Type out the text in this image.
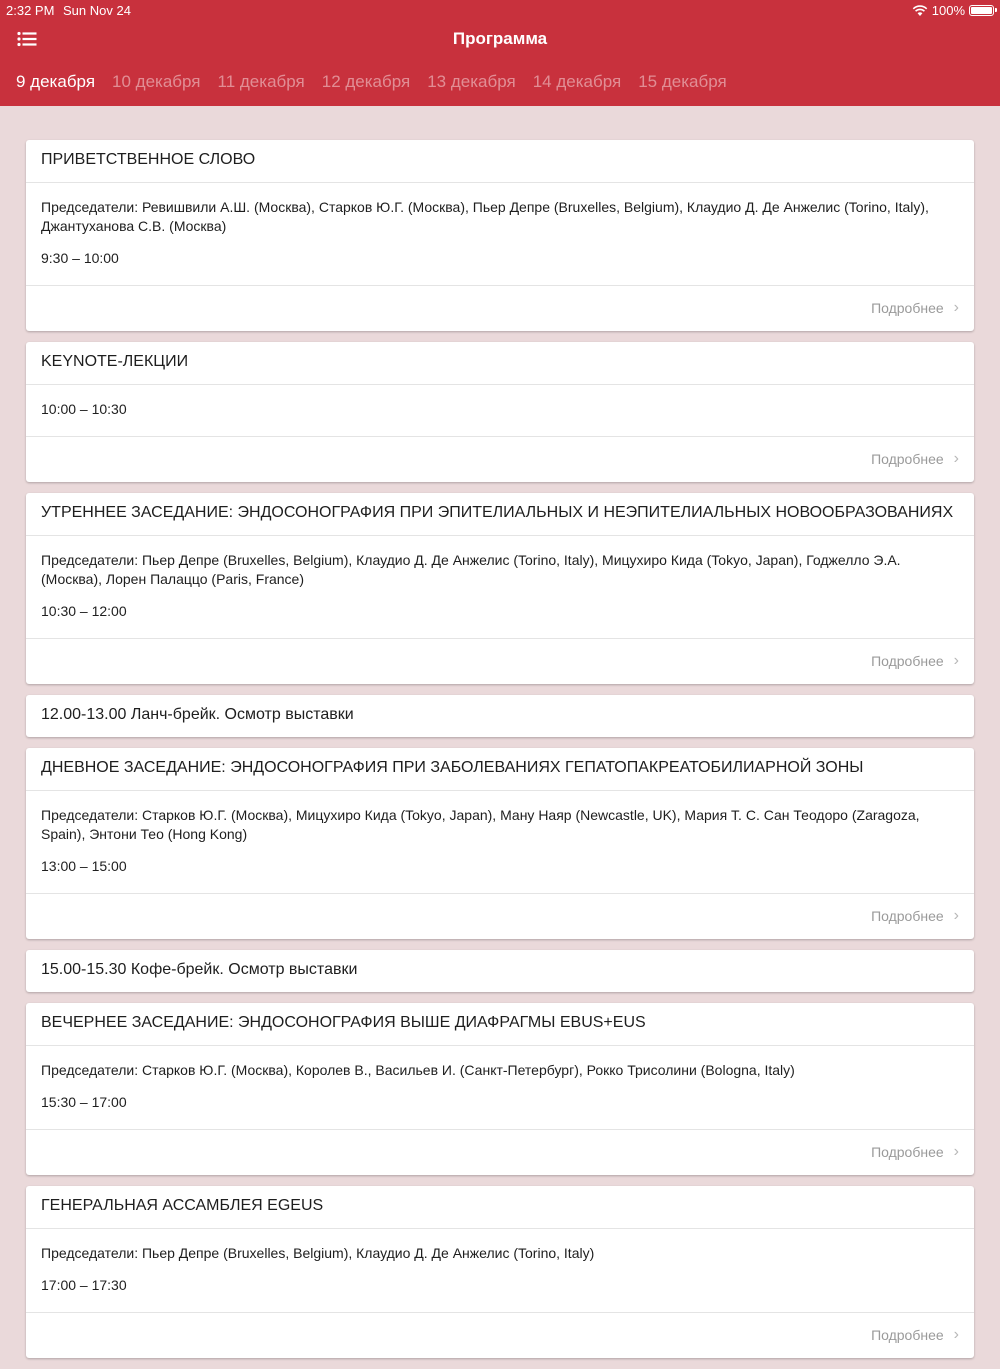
2:32 PM Sun Nov 24	100%
Программа
9 декабря 10 декабря 11 декабря 12 декабря 13 декабря 14 декабря 15 декабря
ПРИВЕТСТВЕННОЕ СЛОВО
Председатели: Ревишвили А.Ш. (Москва), Старков Ю.Г. (Москва), Пьер Депре (Bruxelles, Belgium), Клаудио Д. Де Анжелис (Torino, Italy), Джантуханова С.В. (Москва)
9:30 – 10:00
Подробнее ›
KEYNOTE-ЛЕКЦИИ
10:00 – 10:30
Подробнее ›
УТРЕННЕЕ ЗАСЕДАНИЕ: ЭНДОСОНОГРАФИЯ ПРИ ЭПИТЕЛИАЛЬНЫХ И НЕЭПИТЕЛИАЛЬНЫХ НОВООБРАЗОВАНИЯХ
Председатели: Пьер Депре (Bruxelles, Belgium), Клаудио Д. Де Анжелис (Torino, Italy), Мицухиро Кида (Tokyo, Japan), Годжелло Э.А. (Москва), Лорен Палаццо (Paris, France)
10:30 – 12:00
Подробнее ›
12.00-13.00 Ланч-брейк. Осмотр выставки
ДНЕВНОЕ ЗАСЕДАНИЕ: ЭНДОСОНОГРАФИЯ ПРИ ЗАБОЛЕВАНИЯХ ГЕПАТОПАКРЕАТОБИЛИАРНОЙ ЗОНЫ
Председатели: Старков Ю.Г. (Москва), Мицухиро Кида (Tokyo, Japan), Ману Наяр (Newcastle, UK), Мария Т. С. Сан Теодоро (Zaragoza, Spain), Энтони Тео (Hong Kong)
13:00 – 15:00
Подробнее ›
15.00-15.30 Кофе-брейк. Осмотр выставки
ВЕЧЕРНЕЕ ЗАСЕДАНИЕ: ЭНДОСОНОГРАФИЯ ВЫШЕ ДИАФРАГМЫ EBUS+EUS
Председатели: Старков Ю.Г. (Москва), Королев В., Васильев И. (Санкт-Петербург), Рокко Трисолини (Bologna, Italy)
15:30 – 17:00
Подробнее ›
ГЕНЕРАЛЬНАЯ АССАМБЛЕЯ EGEUS
Председатели: Пьер Депре (Bruxelles, Belgium), Клаудио Д. Де Анжелис (Torino, Italy)
17:00 – 17:30
Подробнее ›
